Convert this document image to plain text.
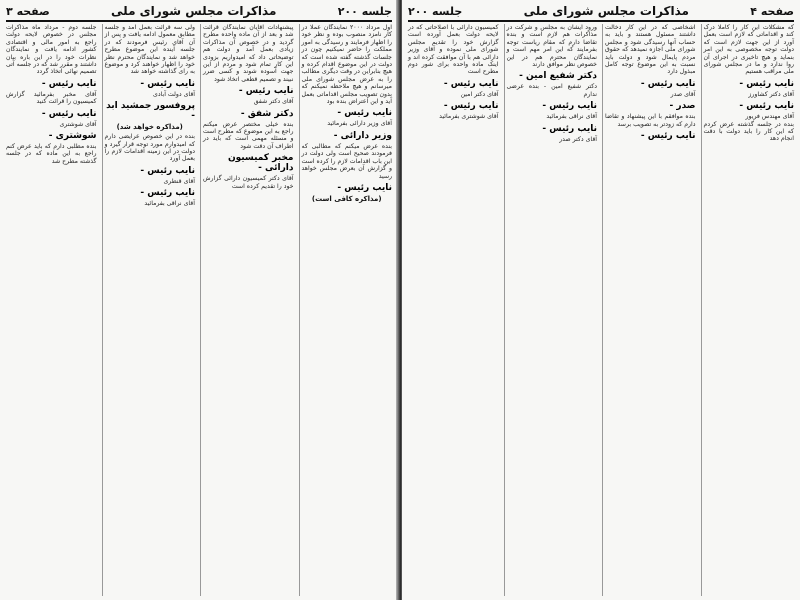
جلسه ۲۰۰
مذاکرات مجلس شورای ملی
صفحه ۳
اول مرداد ۲۰۰۰ نمایندگان عملا در کار نامزد منصوب بوده و نظر خود را اظهار فرمایند و رسیدگی به امور مملکت را حاضر نمیکنیم چون در جلسات گذشته گفته شده است که دولت در این موضوع اقدام کرده و هیچ بنابراین در وقت دیگری مطالب را به عرض مجلس شورای ملی میرسانم و هیچ ملاحظه نمیکنم که بدون تصویب مجلس اقداماتی بعمل آید و این اعتراض بنده بود
نایب رئیس -
آقای وزیر دارائی بفرمائید
وزیر دارائی -
بنده عرض میکنم که مطالبی که فرمودند صحیح است ولی دولت در این باب اقدامات لازم را کرده است و گزارش آن بعرض مجلس خواهد رسید
نایب رئیس -
(مذاکره کافی است)
پیشنهادات آقایان نمایندگان قرائت شد و بعد از آن ماده واحده مطرح گردید و در خصوص آن مذاکرات زیادی بعمل آمد و دولت هم توضیحاتی داد که امیدواریم بزودی این کار تمام شود و مردم از این جهت آسوده شوند و کسی ضرر نبیند و تصمیم قطعی اتخاذ شود
نایب رئیس -
آقای دکتر شفق
دکتر شفق -
بنده خیلی مختصر عرض میکنم راجع به این موضوع که مطرح است و مسئله مهمی است که باید در اطراف آن دقت شود
مخبر کمیسیون دارائی -
آقای دکتر کمیسیون دارائی گزارش خود را تقدیم کرده است
ولی سه قرائت بعمل آمد و جلسه مطابق معمول ادامه یافت و پس از آن آقای رئیس فرمودند که در جلسه آینده این موضوع مطرح خواهد شد و نمایندگان محترم نظر خود را اظهار خواهند کرد و موضوع به رای گذاشته خواهد شد
نایب رئیس -
آقای دولت آبادی
پروفسور جمشید ابد -
(مذاکره خواهد شد)
بنده در این خصوص عرایضی دارم که امیدوارم مورد توجه قرار گیرد و دولت در این زمینه اقدامات لازم را بعمل آورد
نایب رئیس -
آقای قنطری
نایب رئیس -
آقای نراقی بفرمائید
جلسه دوم - مرداد ماه مذاکرات مجلس در خصوص لایحه دولت راجع به امور مالی و اقتصادی کشور ادامه یافت و نمایندگان نظرات خود را در این باره بیان داشتند و مقرر شد که در جلسه آتی تصمیم نهائی اتخاذ گردد
نایب رئیس -
آقای مخبر بفرمائید گزارش کمیسیون را قرائت کنید
نایب رئیس -
آقای شوشتری
شوشتری -
بنده مطلبی دارم که باید عرض کنم راجع به این ماده که در جلسه گذشته مطرح شد
صفحه ۴
مذاکرات مجلس شورای ملی
جلسه ۲۰۰
که مشکلات این کار را کاملا درک کند و اقداماتی که لازم است بعمل آورد از این جهت لازم است که دولت توجه مخصوصی به این امر بنماید و هیچ تاخیری در اجرای آن روا ندارد و ما در مجلس شورای ملی مراقب هستیم
نایب رئیس -
آقای دکتر کشاورز
نایب رئیس -
آقای مهندس فریور
بنده در جلسه گذشته عرض کردم که این کار را باید دولت با دقت انجام دهد
اشخاصی که در این کار دخالت داشتند مسئول هستند و باید به حساب آنها رسیدگی شود و مجلس شورای ملی اجازه نمیدهد که حقوق مردم پایمال شود و دولت باید نسبت به این موضوع توجه کامل مبذول دارد
نایب رئیس -
آقای صدر
صدر -
بنده موافقم با این پیشنهاد و تقاضا دارم که زودتر به تصویب برسد
نایب رئیس -
ورود ایشان به مجلس و شرکت در مذاکرات هم لازم است و بنده تقاضا دارم که مقام ریاست توجه بفرمایند که این امر مهم است و نمایندگان محترم هم در این خصوص نظر موافق دارند
دکتر شفیع امین -
دکتر شفیع امین - بنده عرضی ندارم
نایب رئیس -
آقای نراقی بفرمائید
نایب رئیس -
آقای دکتر صدر
کمیسیون دارائی با اصلاحاتی که در لایحه دولت بعمل آورده است گزارش خود را تقدیم مجلس شورای ملی نموده و آقای وزیر دارائی هم با آن موافقت کرده اند و اینک ماده واحده برای شور دوم مطرح است
نایب رئیس -
آقای دکتر امین
نایب رئیس -
آقای شوشتری بفرمائید
